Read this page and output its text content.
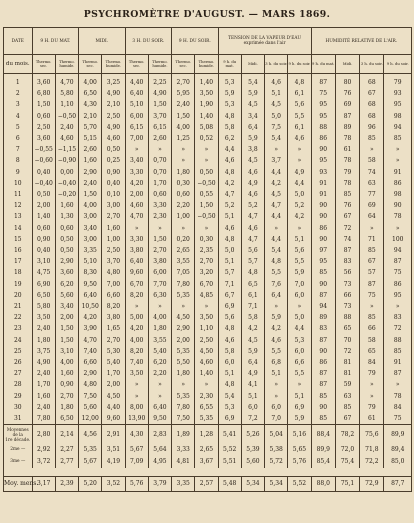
PSYCHROMÈTRE D'AUGUST. — MARS 1869.
DATE	9 H. DU MAT.		MIDI.		3 H. DU SOIR.		9 H. DU SOIR.		TENSION DE LA VAPEUR D'EAU exprimée dans l'air				HUMIDITÉ RELATIVE DE L'AIR.			
du mois.	Thermo. sec.	Thermo. humide.	Thermo. sec.	Thermo. humide.	Thermo. sec.	Thermo. humide.	Thermo. sec.	Thermo. humide.	9 h. du mat.	Midi.	3 h. du soir.	9 h. du soir.	9 h. du mat.	Midi.	3 h. du soir.	9 h. du soir.
1	3,60	4,70	4,00	3,25	4,40	2,25	2,70	1,40	5,3	5,4	4,6	4,8	87	80	68	79
2	6,80	5,80	6,50	4,90	6,40	4,90	5,95	3,50	5,9	5,9	5,1	6,1	75	76	67	93
3	1,50	1,10	4,30	2,10	5,10	1,50	2,40	1,90	5,3	4,5	4,5	5,6	95	69	68	95
4	0,60	−0,50	2,10	2,50	6,00	3,70	1,50	1,40	4,8	3,4	5,0	5,5	95	87	68	98
5	2,50	2,40	5,70	4,90	6,15	6,15	4,00	5,08	5,8	6,4	7,5	6,1	88	89	96	94
6	3,60	4,60	5,15	4,60	7,00	2,60	1,25	0,52	6,2	5,9	5,4	4,6	86	78	85	85
7	−0,55	−1,15	2,60	0,50	»	»	»	»	4,4	3,8	»	»	90	61	»	»
8	−0,60	−0,90	1,60	0,25	3,40	0,70	»	»	4,6	4,5	3,7	»	95	78	58	»
9	0,40	0,00	2,90	0,90	3,30	0,70	1,80	0,50	4,8	4,6	4,4	4,9	93	79	74	91
10	−0,40	−0,40	2,40	0,40	4,20	1,70	0,30	−0,50	4,2	4,9	4,2	4,4	91	78	63	86
11	0,50	−0,20	1,50	0,10	2,00	0,60	0,60	0,55	4,7	4,6	4,5	5,0	91	85	77	98
12	2,00	1,60	4,00	3,00	4,60	3,30	2,20	1,50	5,2	5,2	4,7	5,2	90	76	69	90
13	1,40	1,30	3,00	2,70	4,70	2,30	1,00	−0,50	5,1	4,7	4,4	4,2	90	67	64	78
14	0,60	0,60	3,40	1,60	»	»	»	»	4,6	4,6	»	»	86	72	»	»
15	0,90	0,50	3,00	1,00	3,30	1,50	0,20	0,30	4,8	4,7	4,4	5,1	90	74	71	100
16	0,40	0,50	3,35	2,50	3,80	2,70	2,65	2,35	5,0	5,6	5,4	5,6	97	87	85	94
17	3,10	2,90	5,10	3,70	6,40	3,80	3,55	2,70	5,1	5,7	4,8	5,5	95	83	67	87
18	4,75	3,60	8,30	4,80	9,60	6,00	7,05	3,20	5,7	4,8	5,5	5,9	85	56	57	75
19	6,90	6,20	9,50	7,00	6,70	7,70	7,80	6,70	7,1	6,5	7,6	7,0	90	73	87	86
20	6,50	5,60	6,40	6,60	8,20	6,30	5,35	4,85	6,7	6,1	6,4	6,0	87	66	75	95
21	5,80	3,40	10,50	8,20	»	»	»	»	6,9	7,1	»	»	94	73	»	»
22	3,50	2,00	4,20	3,80	5,00	4,00	4,50	3,50	5,6	5,8	5,9	5,0	89	88	85	83
23	2,40	1,50	3,90	1,65	4,20	1,80	2,90	1,10	4,8	4,2	4,2	4,4	83	65	66	72
24	1,80	1,50	4,70	2,70	4,00	3,55	2,00	2,50	4,6	4,5	4,6	5,3	87	70	58	88
25	3,75	3,10	7,40	5,30	8,20	5,40	5,35	4,50	5,8	5,9	5,5	6,0	90	72	65	85
26	4,90	4,00	6,60	5,40	7,40	6,20	5,50	4,60	6,0	6,4	6,8	6,6	86	81	84	91
27	2,40	1,60	2,90	1,70	3,50	2,20	1,80	1,40	5,1	4,9	5,1	5,5	87	81	79	87
28	1,70	0,90	4,80	2,00	»	»	»	»	4,8	4,1	»	»	87	59	»	»
29	1,60	2,70	7,50	4,50	»	»	5,35	2,30	5,4	5,1	»	5,1	85	63	»	78
30	2,40	1,80	5,60	4,40	8,00	6,40	7,80	6,55	5,3	6,0	6,0	6,9	90	85	79	84
31	7,80	6,50	12,00	9,60	13,90	9,50	7,50	5,35	6,9	7,2	7,0	5,9	85	67	61	75
Moyennes
de la
1re décade.	2,80	2,14	4,56	2,91	4,30	2,83	1,89	1,28	5,41	5,26	5,04	5,16	88,4	78,2	75,6	89,9
2me —	2,92	2,27	5,35	3,51	5,67	5,64	3,33	2,65	5,52	5,39	5,38	5,65	89,9	72,0	71,8	89,4
3me —	3,72	2,77	5,67	4,19	7,09	4,95	4,81	3,67	5,51	5,60	5,72	5,76	85,4	75,4	72,2	85,0

Moy. mens.	3,17	2,39	5,20	3,52	5,76	3,79	3,35	2,57	5,48	5,34	5,34	5,52	88,0	75,1	72,9	87,7
